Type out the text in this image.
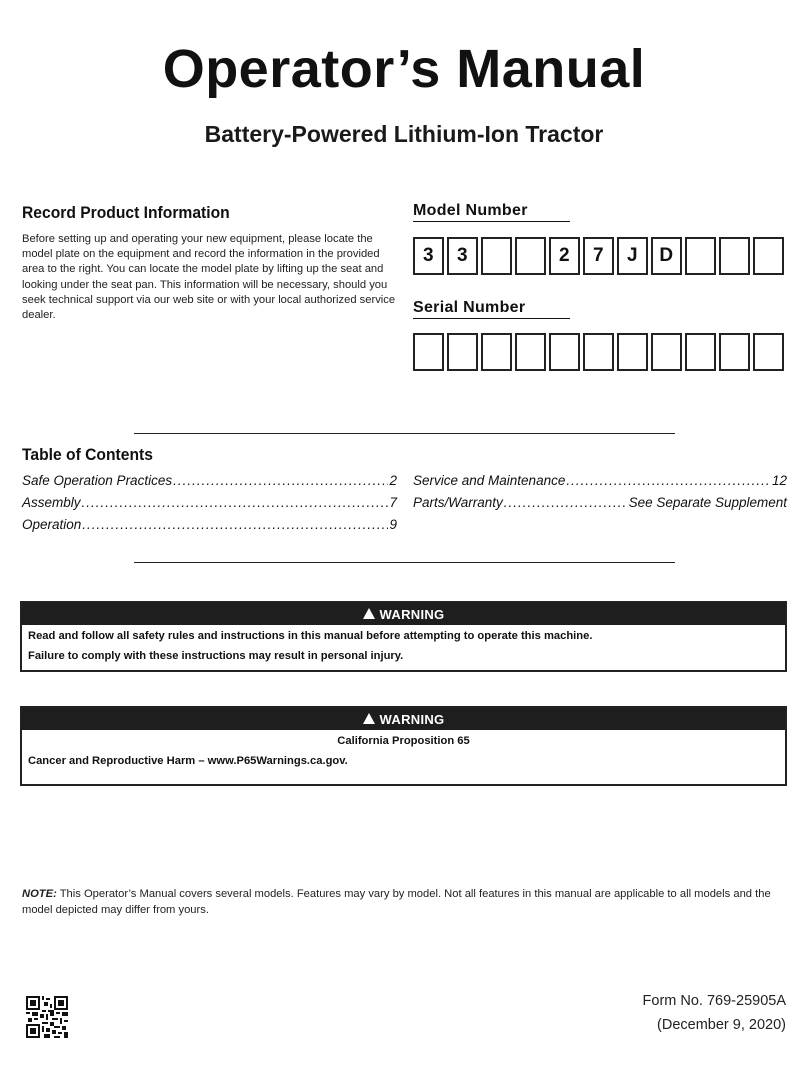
Operator’s Manual
Battery-Powered Lithium-Ion Tractor
Record Product Information
Before setting up and operating your new equipment, please locate the model plate on the equipment and record the information in the provided area to the right. You can locate the model plate by lifting up the seat and looking under the seat pan. This information will be necessary, should you seek technical support via our web site or with your local authorized service dealer.
Model Number
3	3	2	7	J	D
Serial Number
Table of Contents
Safe Operation Practices .....	2
Assembly .....	7
Operation .....	9
Service and Maintenance .....	12
Parts/Warranty .....	See Separate Supplement
WARNING
Read and follow all safety rules and instructions in this manual before attempting to operate this machine.
Failure to comply with these instructions may result in personal injury.
WARNING
California Proposition 65
Cancer and Reproductive Harm – www.P65Warnings.ca.gov.
NOTE: This Operator’s Manual covers several models. Features may vary by model. Not all features in this manual are applicable to all models and the model depicted may differ from yours.
Form No. 769-25905A
(December 9, 2020)
